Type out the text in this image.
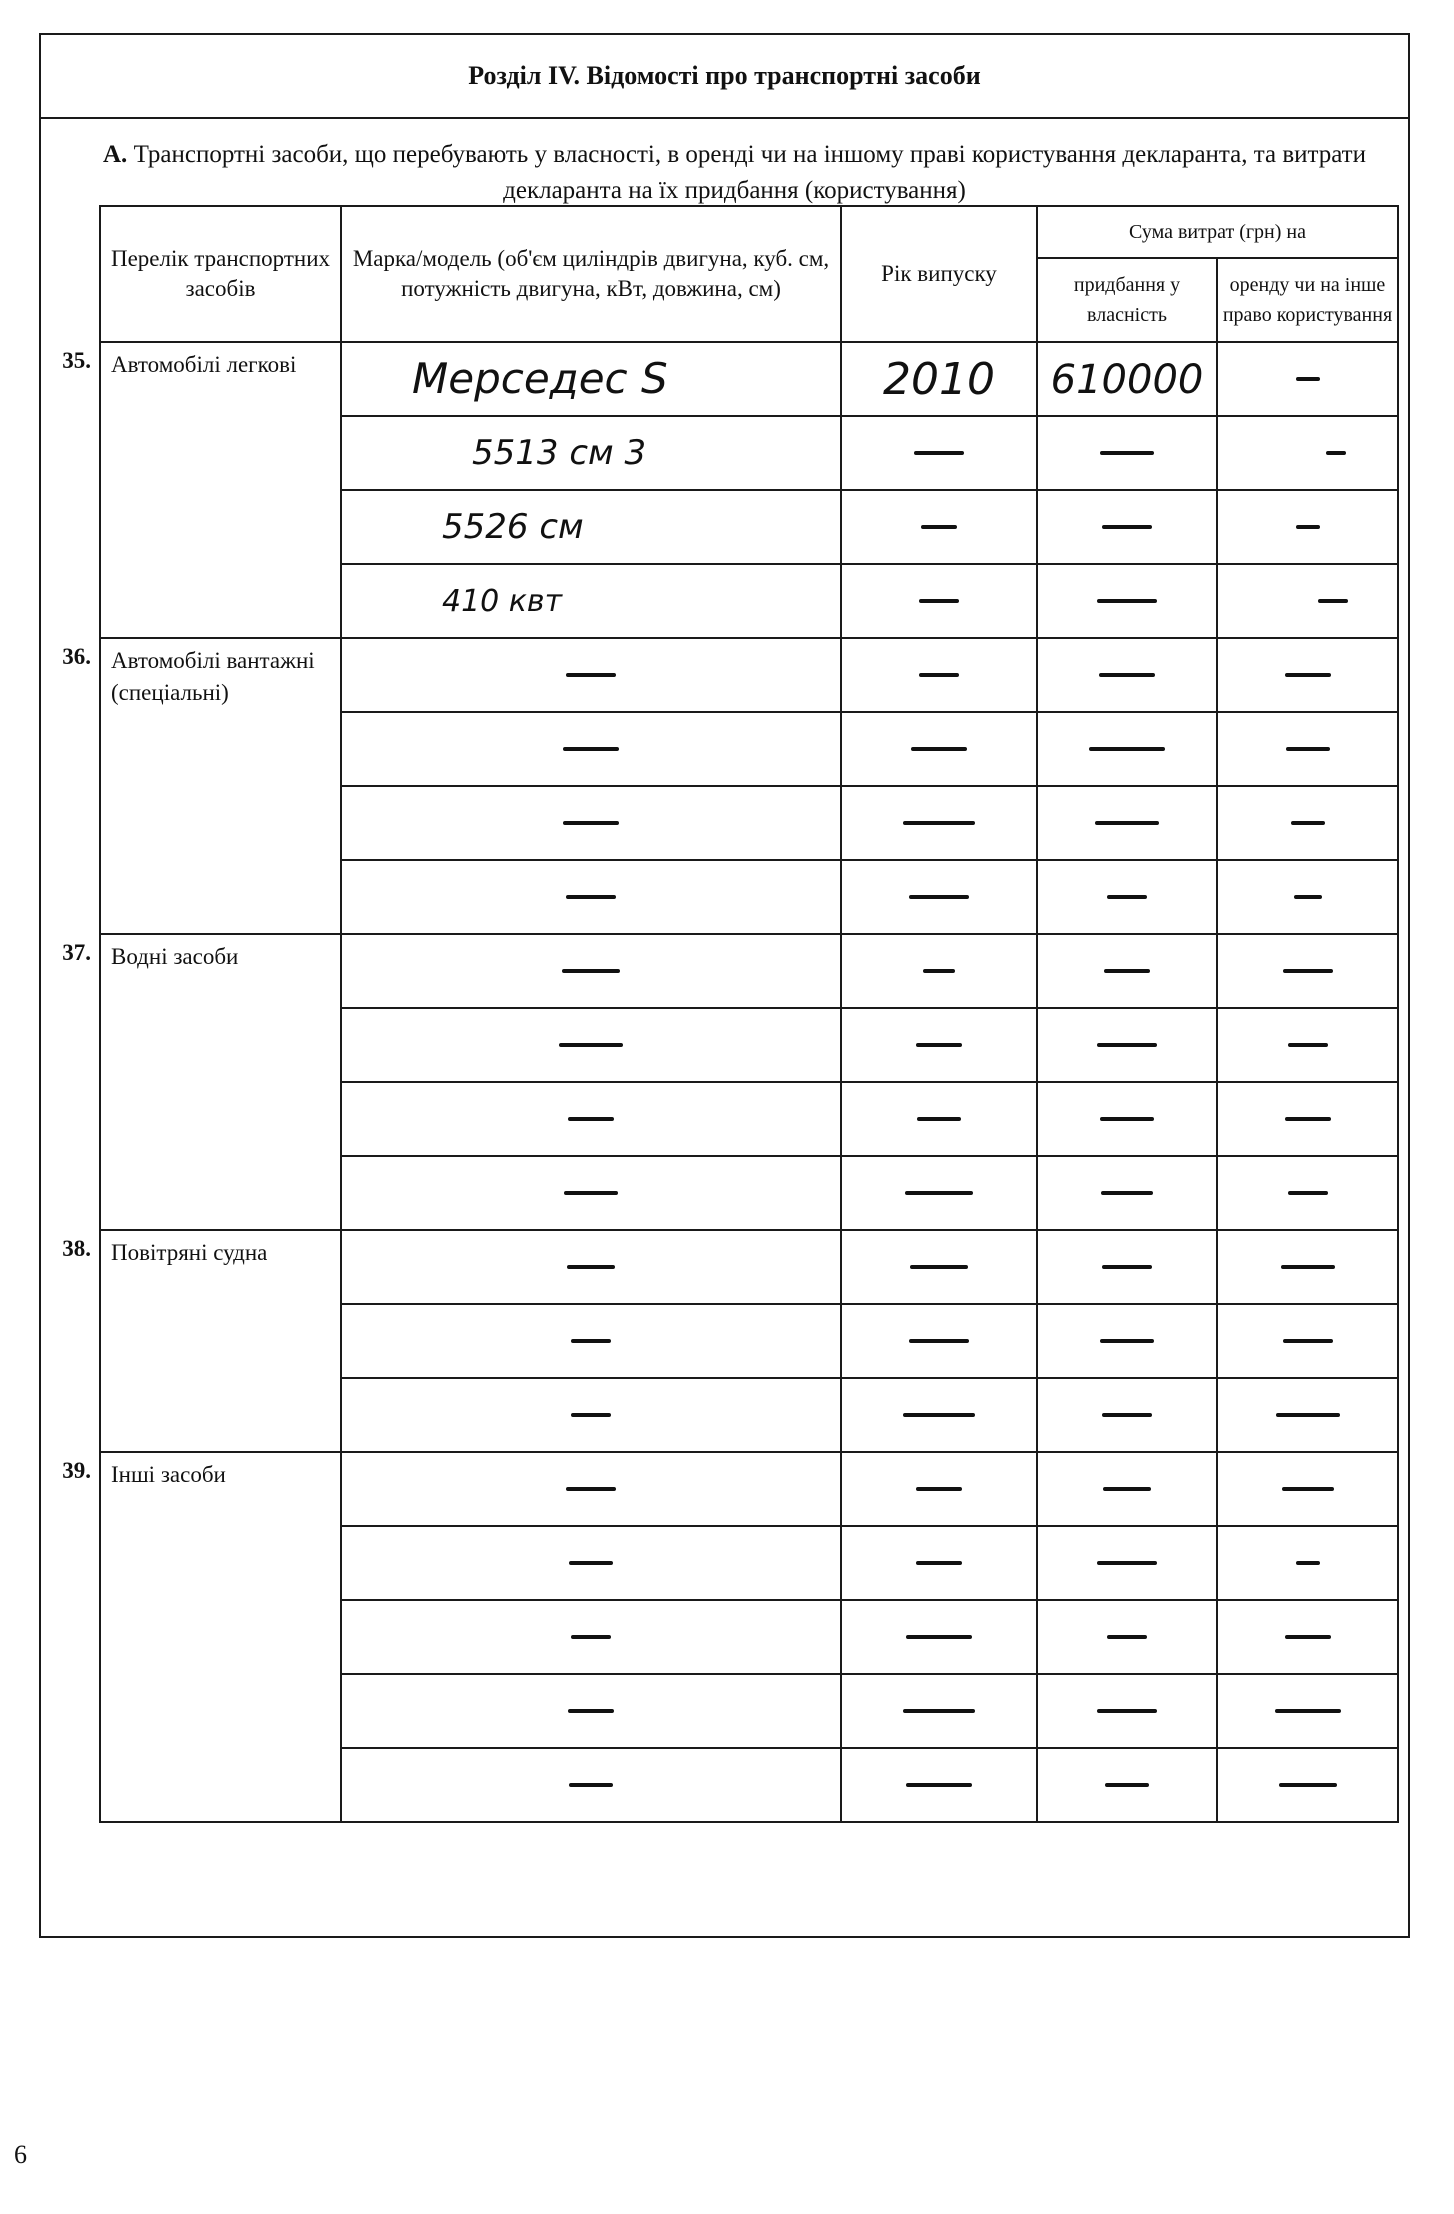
Розділ IV. Відомості про транспортні засоби
А. Транспортні засоби, що перебувають у власності, в оренді чи на іншому праві користування декларанта, та витрати декларанта на їх придбання (користування)
	Перелік транспортних засобів	Марка/модель (об'єм циліндрів двигуна, куб. см, потужність двигуна, кВт, довжина, см)	Рік випуску	Сума витрат (грн) на	
				придбання у власність	оренду чи на інше право користування
35.	Автомобілі легкові	Мерседес S	2010	610000	

		5513 см 3	

		5526 см	

		410 квт	

36.	Автомобілі вантажні (спеціальні)	

37.	Водні засоби	

38.	Повітряні судна	

39.	Інші засоби	

6
